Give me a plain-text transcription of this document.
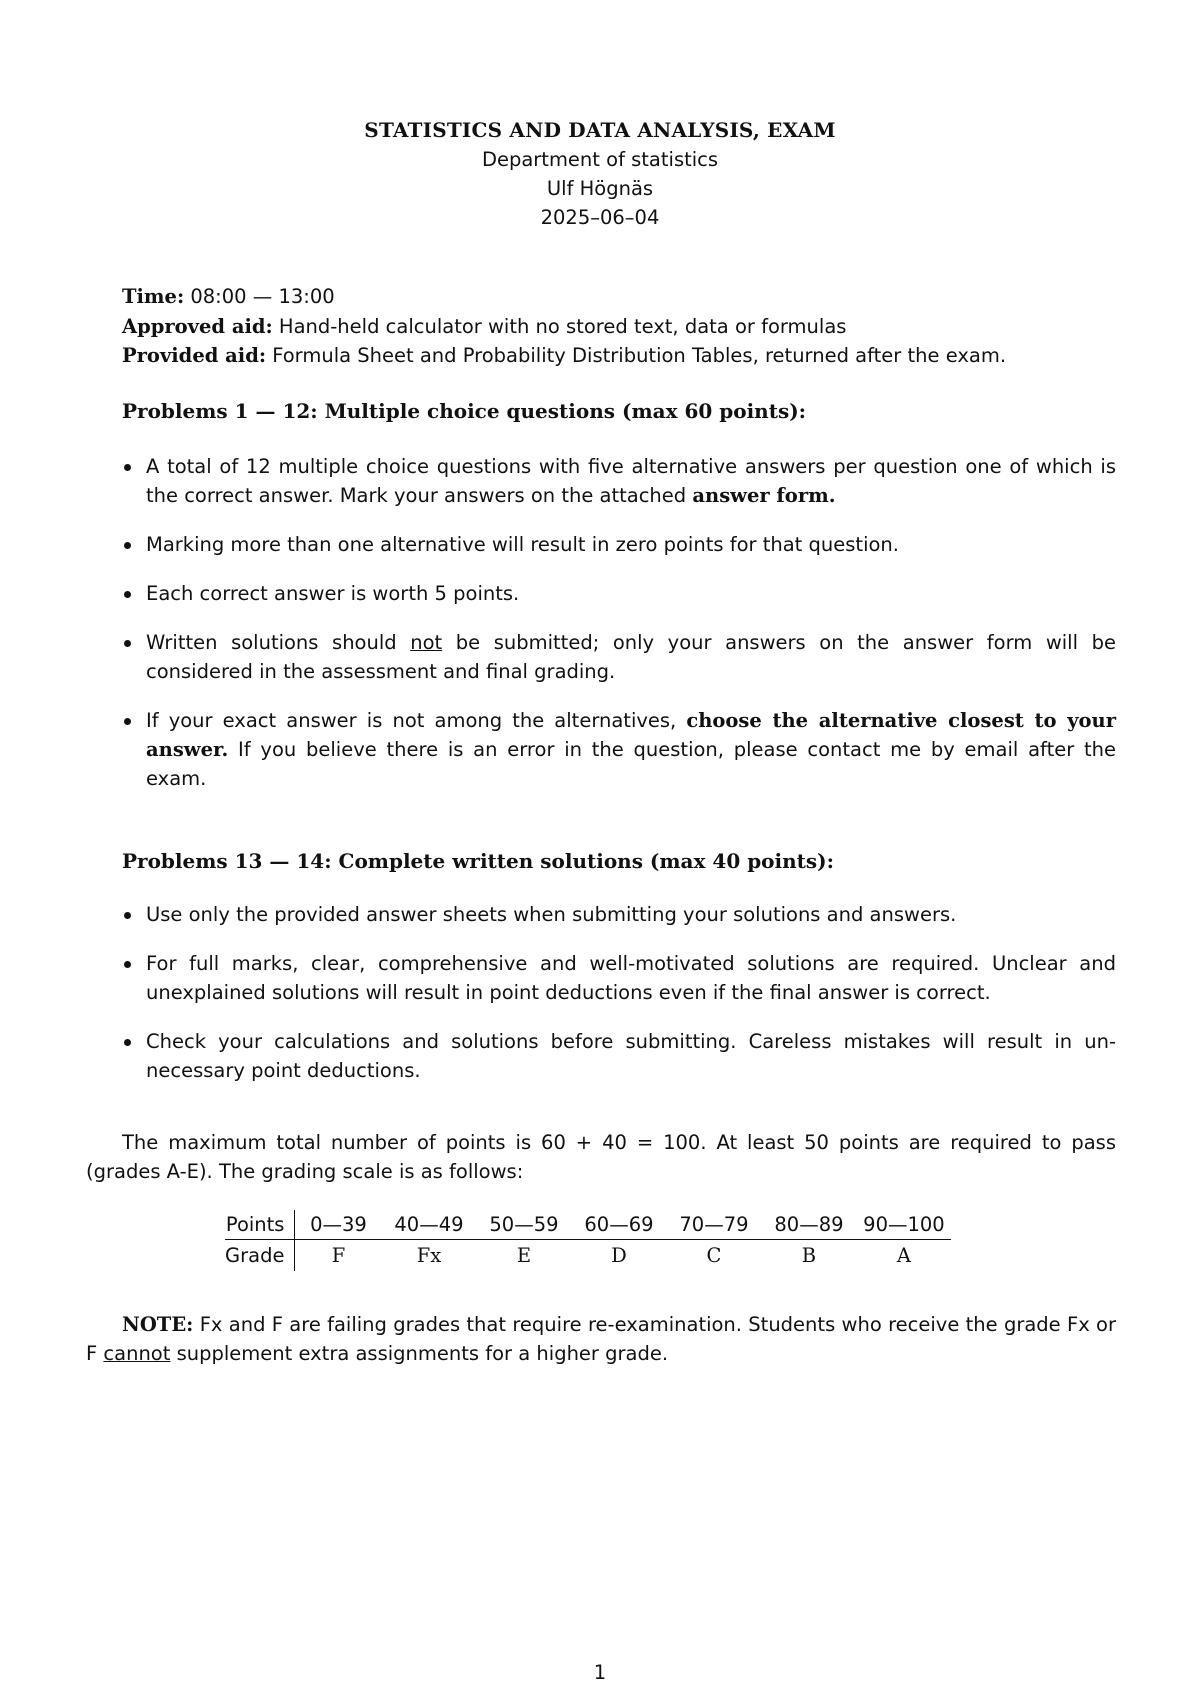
STATISTICS AND DATA ANALYSIS, EXAM
Department of statistics
Ulf Högnäs
2025–06–04
Time: 08:00 — 13:00
Approved aid: Hand-held calculator with no stored text, data or formulas
Provided aid: Formula Sheet and Probability Distribution Tables, returned after the exam.
Problems 1 — 12: Multiple choice questions (max 60 points):
A total of 12 multiple choice questions with five alternative answers per question one of which is the correct answer. Mark your answers on the attached answer form.
Marking more than one alternative will result in zero points for that question.
Each correct answer is worth 5 points.
Written solutions should not be submitted; only your answers on the answer form will be considered in the assessment and final grading.
If your exact answer is not among the alternatives, choose the alternative closest to your answer. If you believe there is an error in the question, please contact me by email after the exam.
Problems 13 — 14: Complete written solutions (max 40 points):
Use only the provided answer sheets when submitting your solutions and answers.
For full marks, clear, comprehensive and well-motivated solutions are required. Unclear and unexplained solutions will result in point deductions even if the final answer is correct.
Check your calculations and solutions before submitting. Careless mistakes will result in un- necessary point deductions.
The maximum total number of points is 60 + 40 = 100. At least 50 points are required to pass (grades A-E). The grading scale is as follows:
Points	0—39	40—49	50—59	60—69	70—79	80—89	90—100
Grade	F	Fx	E	D	C	B	A
NOTE: Fx and F are failing grades that require re-examination. Students who receive the grade Fx or F cannot supplement extra assignments for a higher grade.
1
